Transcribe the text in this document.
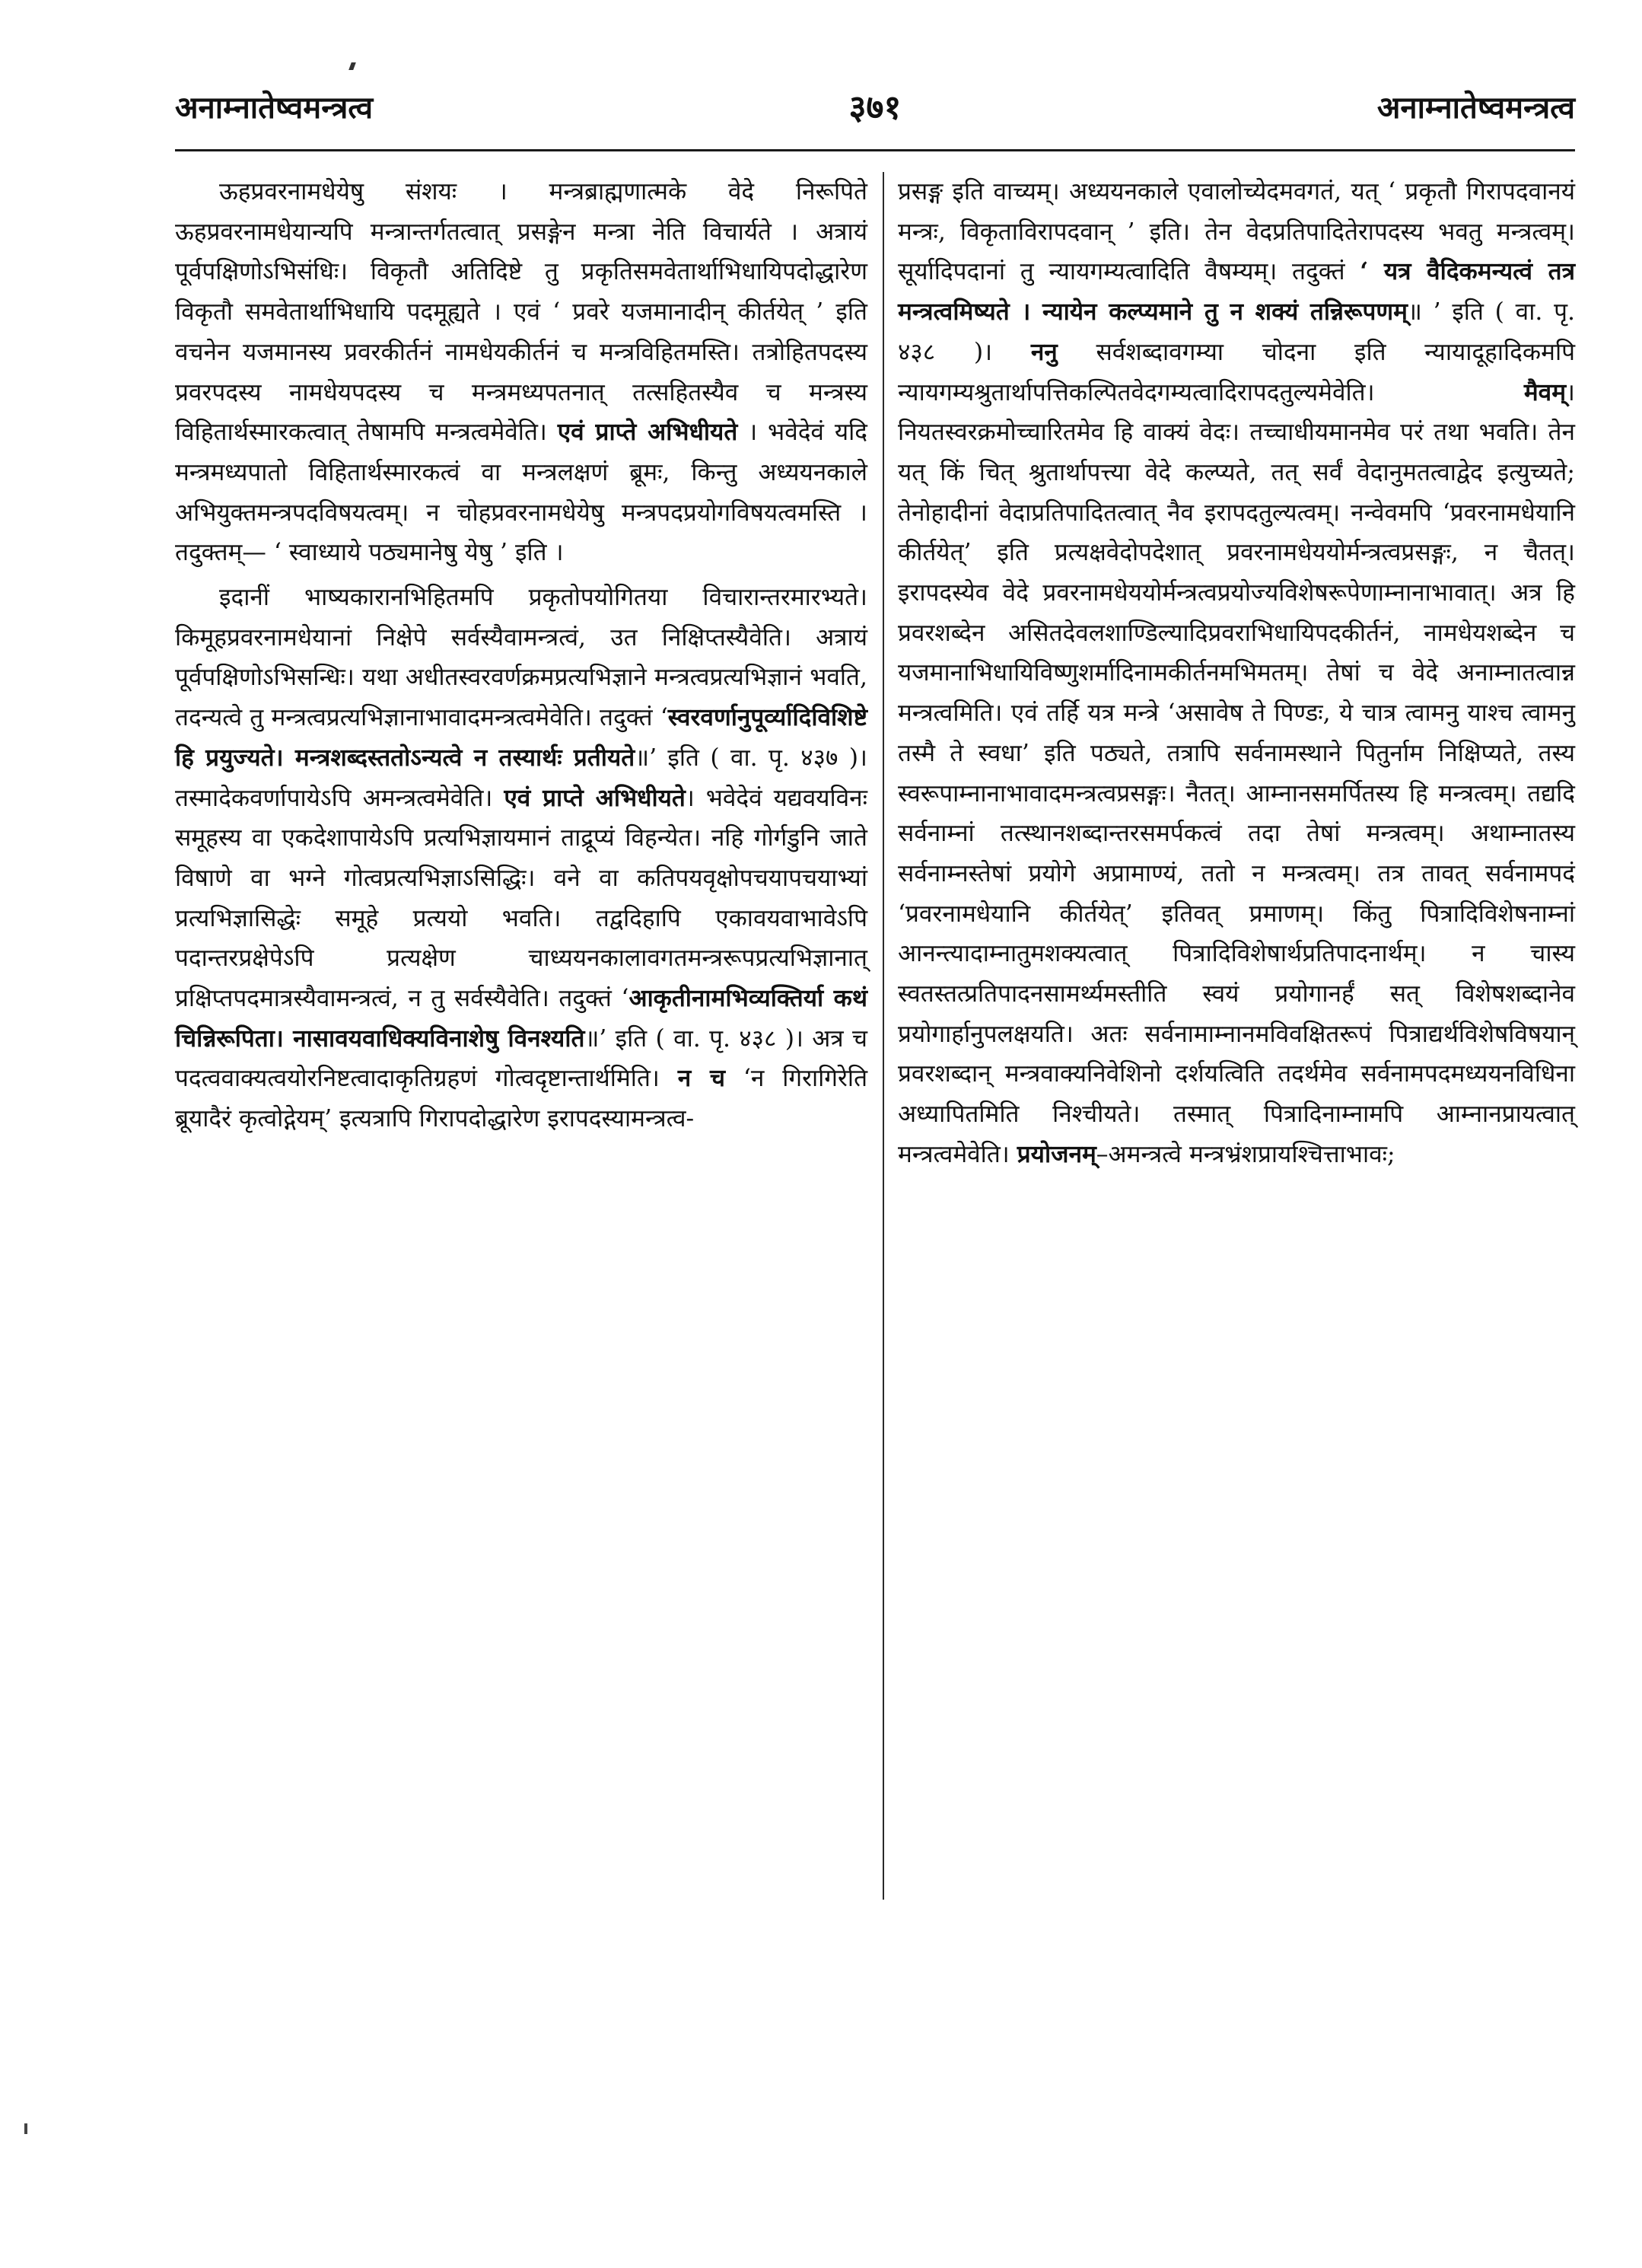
अनाम्नातेष्वमन्त्रत्व	३७१	अनाम्नातेष्वमन्त्रत्व

ऊहप्रवरनामधेयेषु संशयः । मन्त्रब्राह्मणात्मके वेदे निरूपिते ऊहप्रवरनामधेयान्यपि मन्त्रान्तर्गतत्वात् प्रसङ्गेन मन्त्रा नेति विचार्यते । अत्रायं पूर्वपक्षिणोऽभिसंधिः। विकृतौ अतिदिष्टे तु प्रकृतिसमवेतार्थाभिधायिपदोद्धारेण विकृतौ समवेतार्थाभिधायि पदमूह्यते । एवं ‘ प्रवरे यजमानादीन् कीर्तयेत् ’ इति वचनेन यजमानस्य प्रवरकीर्तनं नामधेयकीर्तनं च मन्त्रविहितमस्ति। तत्रोहितपदस्य प्रवरपदस्य नामधेयपदस्य च मन्त्रमध्यपतनात् तत्सहितस्यैव च मन्त्रस्य विहितार्थस्मारकत्वात् तेषामपि मन्त्रत्वमेवेति। एवं प्राप्ते अभिधीयते । भवेदेवं यदि मन्त्रमध्यपातो विहितार्थस्मारकत्वं वा मन्त्रलक्षणं ब्रूमः, किन्तु अध्ययनकाले अभियुक्तमन्त्रपदविषयत्वम्। न चोहप्रवरनामधेयेषु मन्त्रपदप्रयोगविषयत्वमस्ति । तदुक्तम्— ‘ स्वाध्याये पठ्यमानेषु येषु ’ इति ।

इदानीं भाष्यकारानभिहितमपि प्रकृतोपयोगितया विचारान्तरमारभ्यते। किमूहप्रवरनामधेयानां निक्षेपे सर्वस्यैवामन्त्रत्वं, उत निक्षिप्तस्यैवेति। अत्रायं पूर्वपक्षिणोऽभिसन्धिः। यथा अधीतस्वरवर्णक्रमप्रत्यभिज्ञाने मन्त्रत्वप्रत्यभिज्ञानं भवति, तदन्यत्वे तु मन्त्रत्वप्रत्यभिज्ञानाभावादमन्त्रत्वमेवेति। तदुक्तं ‘स्वरवर्णानुपूर्व्यादिविशिष्टे हि प्रयुज्यते। मन्त्रशब्दस्ततोऽन्यत्वे न तस्यार्थः प्रतीयते॥’ इति ( वा. पृ. ४३७ )। तस्मादेकवर्णापायेऽपि अमन्त्रत्वमेवेति। एवं प्राप्ते अभिधीयते। भवेदेवं यद्यवयविनः समूहस्य वा एकदेशापायेऽपि प्रत्यभिज्ञायमानं ताद्रूप्यं विहन्येत। नहि गोर्गडुनि जाते विषाणे वा भग्ने गोत्वप्रत्यभिज्ञाऽसिद्धिः। वने वा कतिपयवृक्षोपचयापचयाभ्यां प्रत्यभिज्ञासिद्धेः समूहे प्रत्ययो भवति। तद्वदिहापि एकावयवाभावेऽपि पदान्तरप्रक्षेपेऽपि प्रत्यक्षेण चाध्ययनकालावगतमन्त्ररूपप्रत्यभिज्ञानात् प्रक्षिप्तपदमात्रस्यैवामन्त्रत्वं, न तु सर्वस्यैवेति। तदुक्तं ‘आकृतीनामभिव्यक्तिर्या कथं चिन्निरूपिता। नासावयवाधिक्यविनाशेषु विनश्यति॥’ इति ( वा. पृ. ४३८ )। अत्र च पदत्ववाक्यत्वयोरनिष्टत्वादाकृतिग्रहणं गोत्वदृष्टान्तार्थमिति। न च ‘न गिरागिरेति ब्रूयादैरं कृत्वोद्गेयम्’ इत्यत्रापि गिरापदोद्धारेण इरापदस्यामन्त्रत्व-

प्रसङ्ग इति वाच्यम्। अध्ययनकाले एवालोच्येदमवगतं, यत् ‘ प्रकृतौ गिरापदवानयं मन्त्रः, विकृताविरापदवान् ’ इति। तेन वेदप्रतिपादितेरापदस्य भवतु मन्त्रत्वम्। सूर्यादिपदानां तु न्यायगम्यत्वादिति वैषम्यम्। तदुक्तं ‘ यत्र वैदिकमन्यत्वं तत्र मन्त्रत्वमिष्यते । न्यायेन कल्प्यमाने तु न शक्यं तन्निरूपणम्॥ ’ इति ( वा. पृ. ४३८ )। ननु सर्वशब्दावगम्या चोदना इति न्यायादूहादिकमपि न्यायगम्यश्रुतार्थापत्तिकल्पितवेदगम्यत्वादिरापदतुल्यमेवेति।	मैवम्। नियतस्वरक्रमोच्चारितमेव हि वाक्यं वेदः। तच्चाधीयमानमेव परं तथा भवति। तेन यत् किं चित् श्रुतार्थापत्त्या वेदे कल्प्यते, तत् सर्वं वेदानुमतत्वाद्वेद इत्युच्यते; तेनोहादीनां वेदाप्रतिपादितत्वात् नैव इरापदतुल्यत्वम्। नन्वेवमपि ‘प्रवरनामधेयानि कीर्तयेत्’ इति प्रत्यक्षवेदोपदेशात् प्रवरनामधेययोर्मन्त्रत्वप्रसङ्गः, न चैतत्। इरापदस्येव वेदे प्रवरनामधेययोर्मन्त्रत्वप्रयोज्यविशेषरूपेणाम्नानाभावात्। अत्र हि प्रवरशब्देन असितदेवलशाण्डिल्यादिप्रवराभिधायिपदकीर्तनं, नामधेयशब्देन च यजमानाभिधायिविष्णुशर्मादिनामकीर्तनमभिमतम्। तेषां च वेदे अनाम्नातत्वान्न मन्त्रत्वमिति। एवं तर्हि यत्र मन्त्रे ‘असावेष ते पिण्डः, ये चात्र त्वामनु याश्च त्वामनु तस्मै ते स्वधा’ इति पठ्यते, तत्रापि सर्वनामस्थाने पितुर्नाम निक्षिप्यते, तस्य स्वरूपाम्नानाभावादमन्त्रत्वप्रसङ्गः। नैतत्। आम्नानसमर्पितस्य हि मन्त्रत्वम्। तद्यदि सर्वनाम्नां तत्स्थानशब्दान्तरसमर्पकत्वं तदा तेषां मन्त्रत्वम्। अथाम्नातस्य सर्वनाम्नस्तेषां प्रयोगे अप्रामाण्यं, ततो न मन्त्रत्वम्। तत्र तावत् सर्वनामपदं ‘प्रवरनामधेयानि कीर्तयेत्’ इतिवत् प्रमाणम्। किंतु पित्रादिविशेषनाम्नां आनन्त्यादाम्नातुमशक्यत्वात् पित्रादिविशेषार्थप्रतिपादनार्थम्। न चास्य स्वतस्तत्प्रतिपादनसामर्थ्यमस्तीति स्वयं प्रयोगानर्हं सत् विशेषशब्दानेव प्रयोगार्हानुपलक्षयति। अतः सर्वनामाम्नानमविवक्षितरूपं पित्राद्यर्थविशेषविषयान् प्रवरशब्दान् मन्त्रवाक्यनिवेशिनो दर्शयत्विति तदर्थमेव सर्वनामपदमध्ययनविधिना अध्यापितमिति निश्चीयते। तस्मात् पित्रादिनाम्नामपि आम्नानप्रायत्वात् मन्त्रत्वमेवेति। प्रयोजनम्–अमन्त्रत्वे मन्त्रभ्रंशप्रायश्चित्ताभावः;
